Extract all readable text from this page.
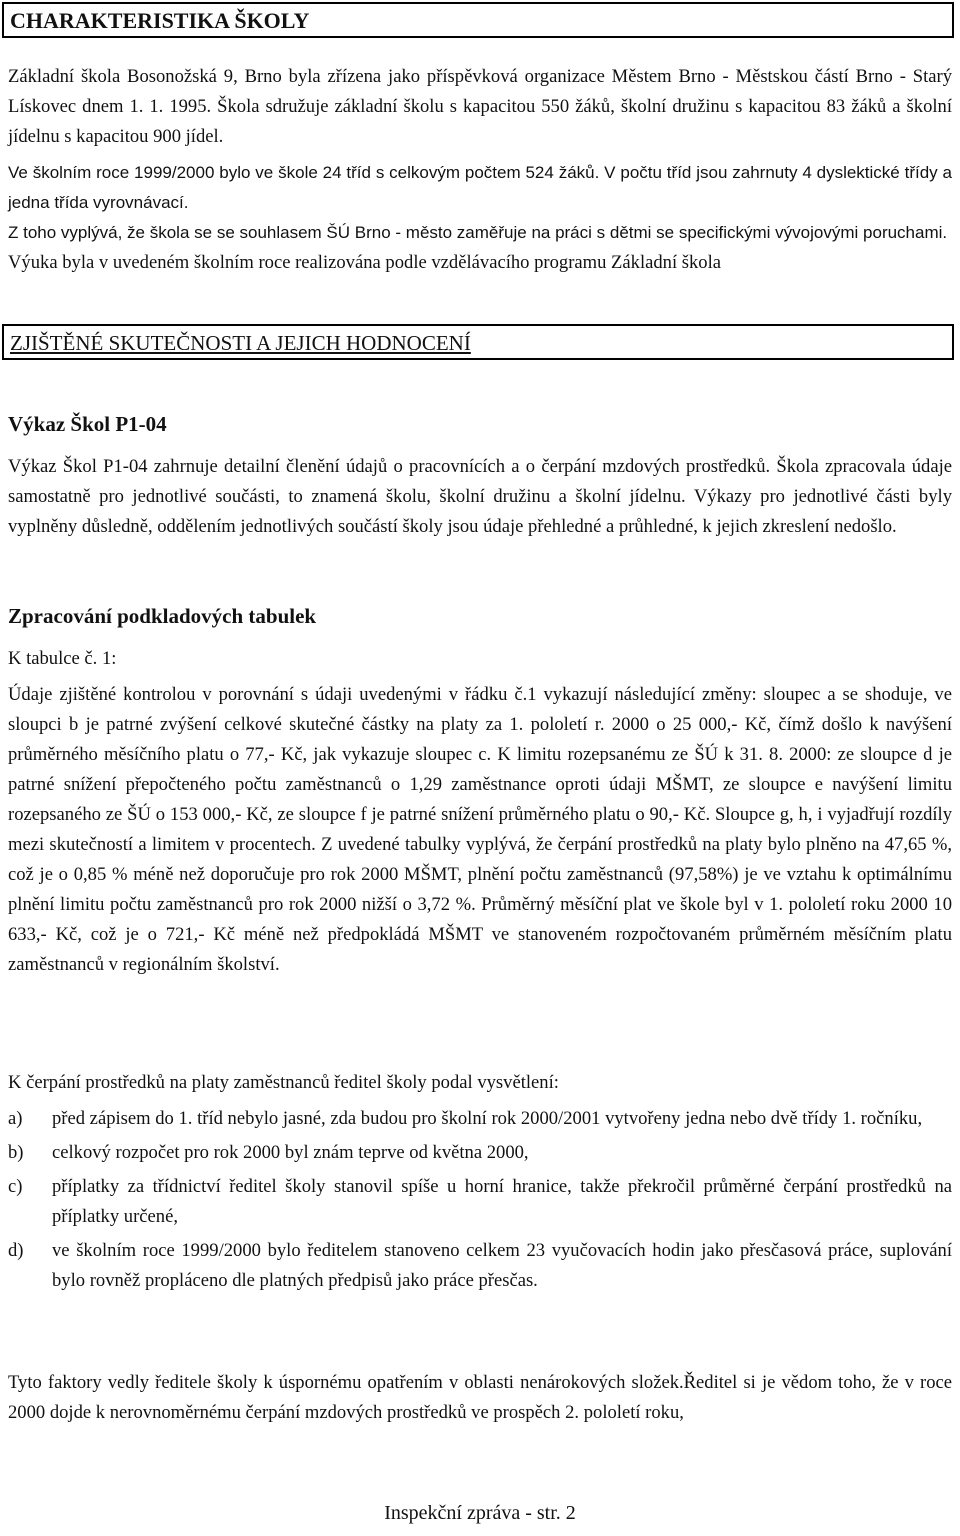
CHARAKTERISTIKA ŠKOLY

Základní škola Bosonožská 9, Brno byla zřízena jako příspěvková organizace Městem Brno - Městskou částí Brno - Starý Lískovec dnem 1. 1. 1995. Škola sdružuje základní školu s kapacitou 550 žáků, školní družinu s kapacitou 83 žáků a školní jídelnu s kapacitou 900 jídel.

Ve školním roce 1999/2000 bylo ve škole 24 tříd s celkovým počtem 524 žáků. V počtu tříd jsou zahrnuty 4 dyslektické třídy a jedna třída vyrovnávací.

Z toho vyplývá, že škola se se souhlasem ŠÚ Brno - město zaměřuje na práci s dětmi se specifickými vývojovými poruchami.

Výuka byla v uvedeném školním roce realizována podle vzdělávacího programu Základní škola

ZJIŠTĚNÉ SKUTEČNOSTI A JEJICH HODNOCENÍ
Výkaz Škol P1-04

Výkaz Škol P1-04 zahrnuje detailní členění údajů o pracovnících a o čerpání mzdových prostředků. Škola zpracovala údaje samostatně pro jednotlivé součásti, to znamená školu, školní družinu a školní jídelnu. Výkazy pro jednotlivé části byly vyplněny důsledně, oddělením jednotlivých součástí školy jsou údaje přehledné a průhledné, k jejich zkreslení nedošlo.

Zpracování podkladových tabulek

K tabulce č. 1:

Údaje zjištěné kontrolou v porovnání s údaji uvedenými v řádku č.1 vykazují následující změny: sloupec a se shoduje, ve sloupci b je patrné zvýšení celkové skutečné částky na platy za 1. pololetí r. 2000 o 25 000,- Kč, čímž došlo k navýšení průměrného měsíčního platu o 77,- Kč, jak vykazuje sloupec c. K limitu rozepsanému ze ŠÚ k 31. 8. 2000: ze sloupce d je patrné snížení přepočteného počtu zaměstnanců o 1,29 zaměstnance oproti údaji MŠMT, ze sloupce e navýšení limitu rozepsaného ze ŠÚ o 153 000,- Kč, ze sloupce f je patrné snížení průměrného platu o 90,- Kč. Sloupce g, h, i vyjadřují rozdíly mezi skutečností a limitem v procentech. Z uvedené tabulky vyplývá, že čerpání prostředků na platy bylo plněno na 47,65 %, což je o 0,85 % méně než doporučuje pro rok 2000 MŠMT, plnění počtu zaměstnanců (97,58%) je ve vztahu k optimálnímu plnění limitu počtu zaměstnanců pro rok 2000 nižší o 3,72 %. Průměrný měsíční plat ve škole byl v 1. pololetí roku 2000 10 633,- Kč, což je o 721,- Kč méně než předpokládá MŠMT ve stanoveném rozpočtovaném průměrném měsíčním platu zaměstnanců v regionálním školství.

K čerpání prostředků na platy zaměstnanců ředitel školy podal vysvětlení:

a) před zápisem do 1. tříd nebylo jasné, zda budou pro školní rok 2000/2001 vytvořeny jedna nebo dvě třídy 1. ročníku,
b) celkový rozpočet pro rok 2000 byl znám teprve od května 2000,
c) příplatky za třídnictví ředitel školy stanovil spíše u horní hranice, takže překročil průměrné čerpání prostředků na příplatky určené,
d) ve školním roce 1999/2000 bylo ředitelem stanoveno celkem 23 vyučovacích hodin jako přesčasová práce, suplování bylo rovněž propláceno dle platných předpisů jako práce přesčas.

Tyto faktory vedly ředitele školy k úspornému opatřením v oblasti nenárokových složek.Ředitel si je vědom toho, že v roce 2000 dojde k nerovnoměrnému čerpání mzdových prostředků ve prospěch 2. pololetí roku,

Inspekční zpráva - str. 2
